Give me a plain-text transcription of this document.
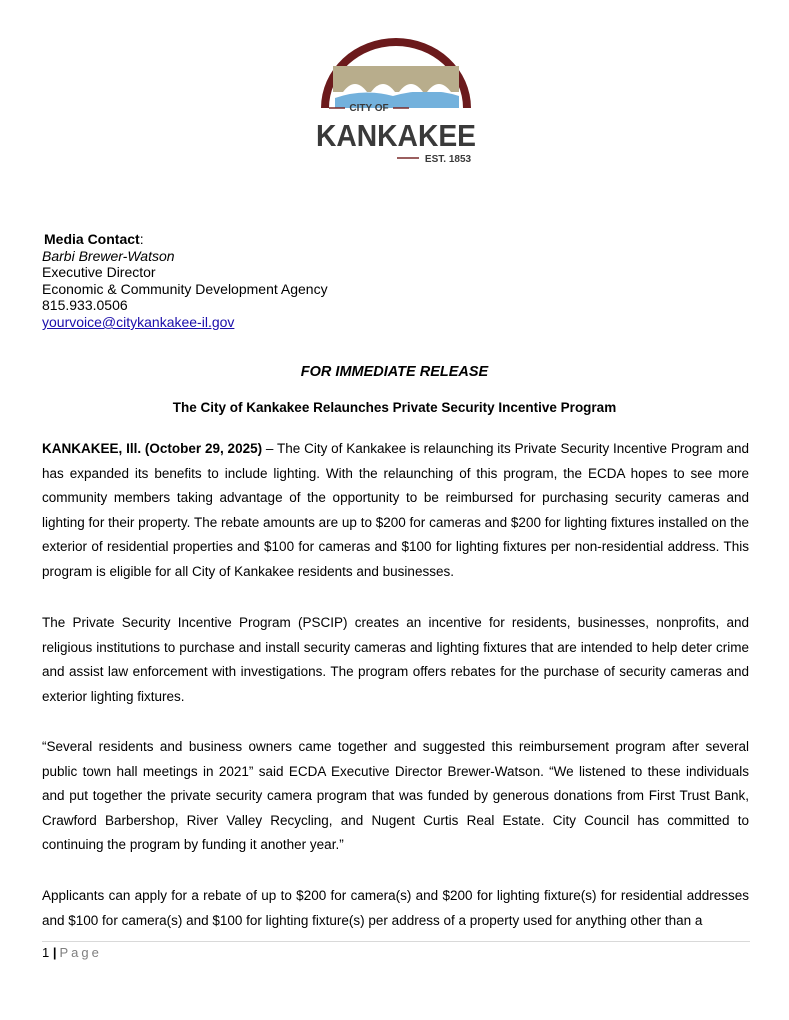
CITY OF
KANKAKEE
EST. 1853
Media Contact:
Barbi Brewer-Watson
Executive Director
Economic & Community Development Agency
815.933.0506
yourvoice@citykankakee-il.gov
FOR IMMEDIATE RELEASE
The City of Kankakee Relaunches Private Security Incentive Program

KANKAKEE, Ill. (October 29, 2025) – The City of Kankakee is relaunching its Private Security Incentive Program and has expanded its benefits to include lighting. With the relaunching of this program, the ECDA hopes to see more community members taking advantage of the opportunity to be reimbursed for purchasing security cameras and lighting for their property. The rebate amounts are up to $200 for cameras and $200 for lighting fixtures installed on the exterior of residential properties and $100 for cameras and $100 for lighting fixtures per non-residential address. This program is eligible for all City of Kankakee residents and businesses.

The Private Security Incentive Program (PSCIP) creates an incentive for residents, businesses, nonprofits, and religious institutions to purchase and install security cameras and lighting fixtures that are intended to help deter crime and assist law enforcement with investigations. The program offers rebates for the purchase of security cameras and exterior lighting fixtures.

“Several residents and business owners came together and suggested this reimbursement program after several public town hall meetings in 2021” said ECDA Executive Director Brewer-Watson. “We listened to these individuals and put together the private security camera program that was funded by generous donations from First Trust Bank, Crawford Barbershop, River Valley Recycling, and Nugent Curtis Real Estate. City Council has committed to continuing the program by funding it another year.”

Applicants can apply for a rebate of up to $200 for camera(s) and $200 for lighting fixture(s) for residential addresses and $100 for camera(s) and $100 for lighting fixture(s) per address of a property used for anything other than a

1 | Page
